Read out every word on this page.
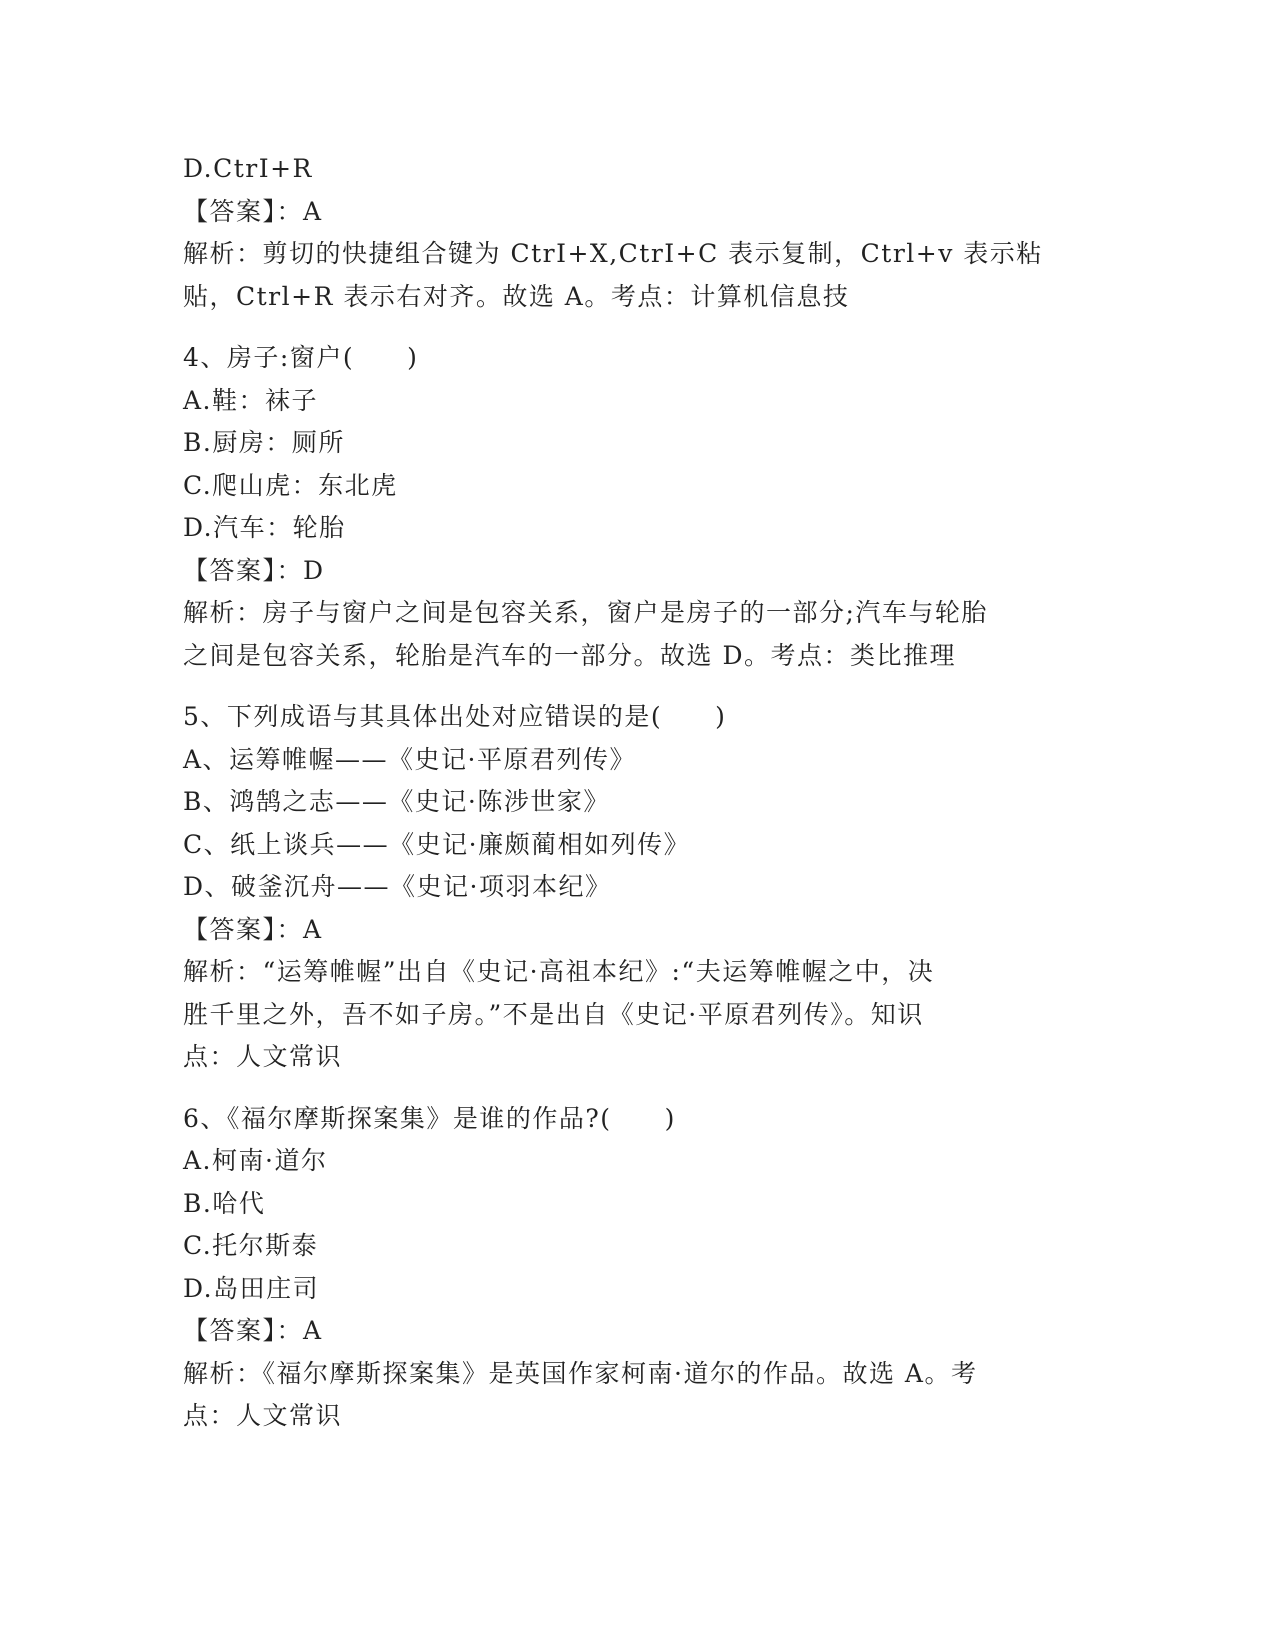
D.CtrI+R
【答案】：A
解析：剪切的快捷组合键为 CtrI+X,CtrI+C 表示复制，Ctrl+v 表示粘
贴，Ctrl+R 表示右对齐。故选 A。考点：计算机信息技
4、房子:窗户(　　)
A.鞋：袜子
B.厨房：厕所
C.爬山虎：东北虎
D.汽车：轮胎
【答案】：D
解析：房子与窗户之间是包容关系，窗户是房子的一部分;汽车与轮胎
之间是包容关系，轮胎是汽车的一部分。故选 D。考点：类比推理
5、下列成语与其具体出处对应错误的是(　　)
A、运筹帷幄——《史记·平原君列传》
B、鸿鹄之志——《史记·陈涉世家》
C、纸上谈兵——《史记·廉颇蔺相如列传》
D、破釜沉舟——《史记·项羽本纪》
【答案】：A
解析：“运筹帷幄”出自《史记·高祖本纪》:“夫运筹帷幄之中，决
胜千里之外，吾不如子房。”不是出自《史记·平原君列传》。知识
点：人文常识
6、《福尔摩斯探案集》是谁的作品?(　　)
A.柯南·道尔
B.哈代
C.托尔斯泰
D.岛田庄司
【答案】：A
解析：《福尔摩斯探案集》是英国作家柯南·道尔的作品。故选 A。考
点：人文常识
